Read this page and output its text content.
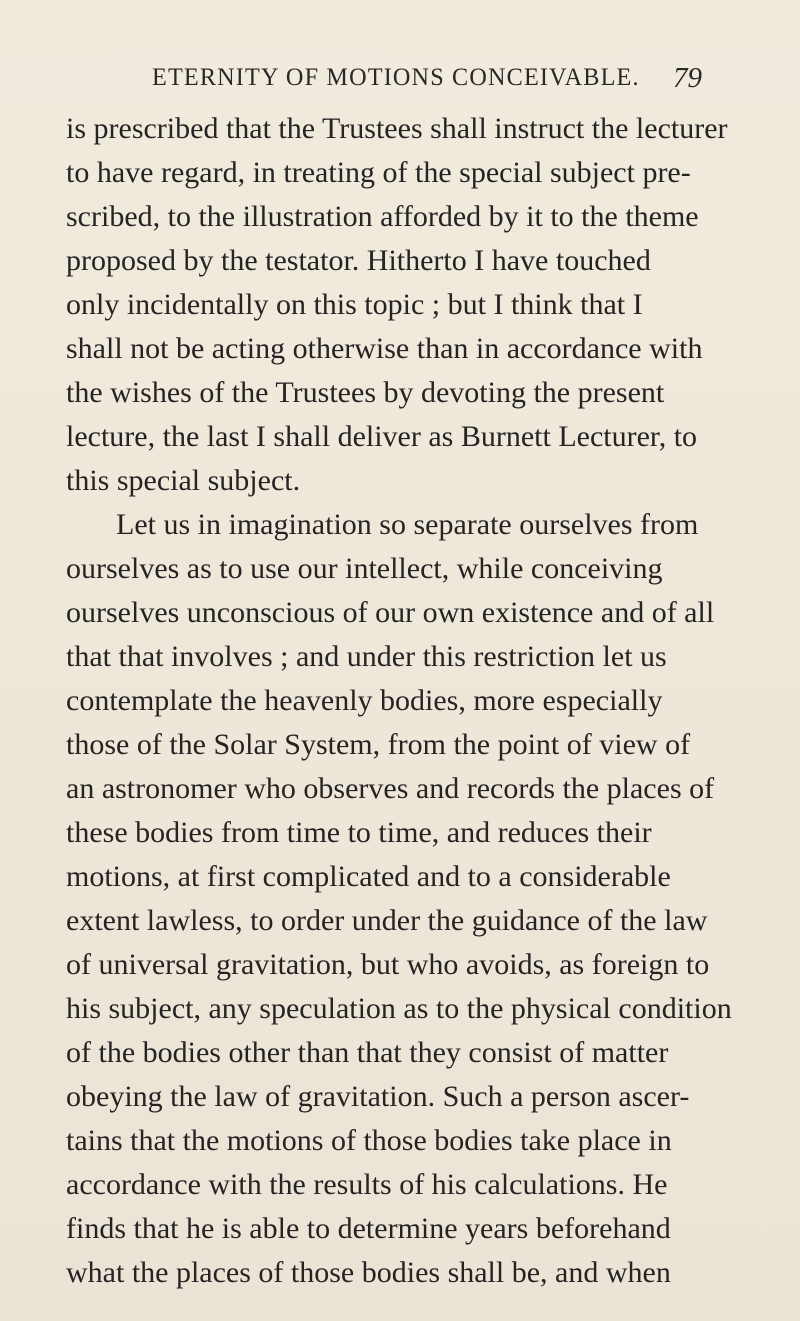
ETERNITY OF MOTIONS CONCEIVABLE. 79
is prescribed that the Trustees shall instruct the lecturer
to have regard, in treating of the special subject pre-
scribed, to the illustration afforded by it to the theme
proposed by the testator. Hitherto I have touched
only incidentally on this topic ; but I think that I
shall not be acting otherwise than in accordance with
the wishes of the Trustees by devoting the present
lecture, the last I shall deliver as Burnett Lecturer, to
this special subject.
Let us in imagination so separate ourselves from
ourselves as to use our intellect, while conceiving
ourselves unconscious of our own existence and of all
that that involves ; and under this restriction let us
contemplate the heavenly bodies, more especially
those of the Solar System, from the point of view of
an astronomer who observes and records the places of
these bodies from time to time, and reduces their
motions, at first complicated and to a considerable
extent lawless, to order under the guidance of the law
of universal gravitation, but who avoids, as foreign to
his subject, any speculation as to the physical condition
of the bodies other than that they consist of matter
obeying the law of gravitation. Such a person ascer-
tains that the motions of those bodies take place in
accordance with the results of his calculations. He
finds that he is able to determine years beforehand
what the places of those bodies shall be, and when
